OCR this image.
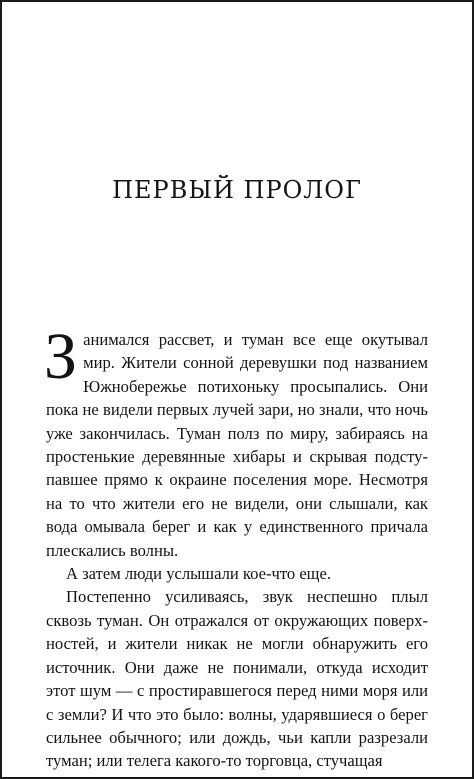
ПЕРВЫЙ ПРОЛОГ

Занимался рассвет, и туман все еще окутывал мир. Жители сонной деревушки под названием Южнобережье потихоньку просыпались. Они пока не видели первых лучей зари, но знали, что ночь уже закончилась. Туман полз по миру, забираясь на простенькие деревянные хибары и скрывая подступавшее прямо к окраине поселения море. Несмотря на то что жители его не видели, они слышали, как вода омывала берег и как у единственного причала плескались волны.

А затем люди услышали кое-что еще.

Постепенно усиливаясь, звук неспешно плыл сквозь туман. Он отражался от окружающих поверхностей, и жители никак не могли обнаружить его источник. Они даже не понимали, откуда исходит этот шум — с простиравшегося перед ними моря или с земли? И что это было: волны, ударявшиеся о берег сильнее обычного; или дождь, чьи капли разрезали туман; или телега какого-то торговца, стучащая
